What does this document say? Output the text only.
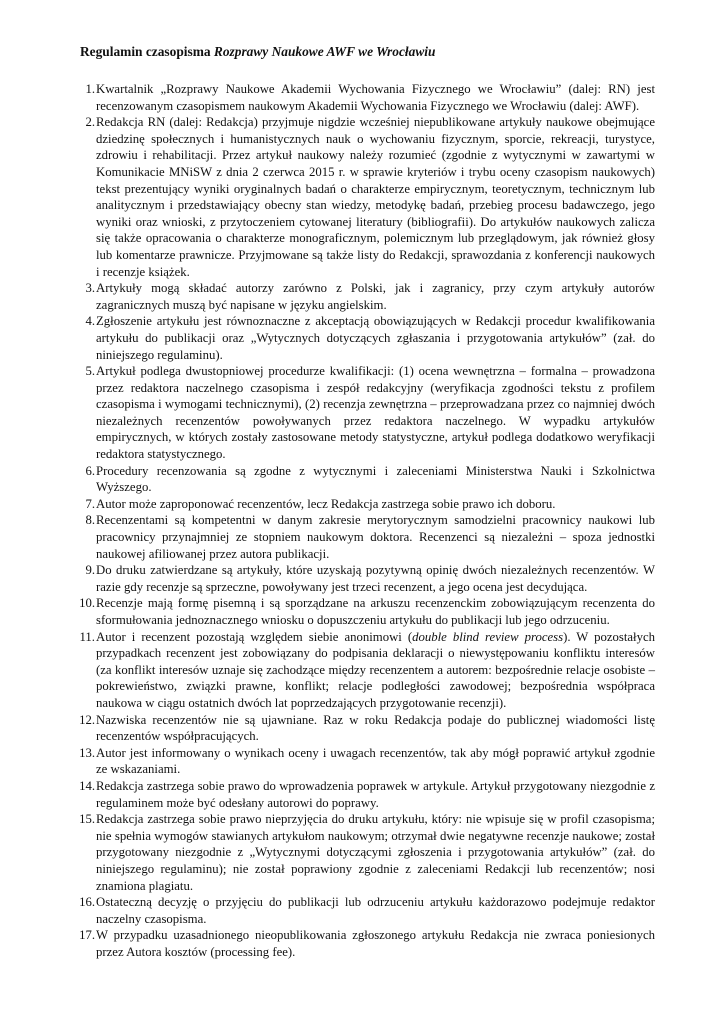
Regulamin czasopisma Rozprawy Naukowe AWF we Wrocławiu
1. Kwartalnik „Rozprawy Naukowe Akademii Wychowania Fizycznego we Wrocławiu” (dalej: RN) jest recenzowanym czasopismem naukowym Akademii Wychowania Fizycznego we Wrocławiu (dalej: AWF).
2. Redakcja RN (dalej: Redakcja) przyjmuje nigdzie wcześniej niepublikowane artykuły naukowe obejmujące dziedzinę społecznych i humanistycznych nauk o wychowaniu fizycznym, sporcie, rekreacji, turystyce, zdrowiu i rehabilitacji. Przez artykuł naukowy należy rozumieć (zgodnie z wytycznymi w zawartymi w Komunikacie MNiSW z dnia 2 czerwca 2015 r. w sprawie kryteriów i trybu oceny czasopism naukowych) tekst prezentujący wyniki oryginalnych badań o charakterze empirycznym, teoretycznym, technicznym lub analitycznym i przedstawiający obecny stan wiedzy, metodykę badań, przebieg procesu badawczego, jego wyniki oraz wnioski, z przytoczeniem cytowanej literatury (bibliografii). Do artykułów naukowych zalicza się także opracowania o charakterze monograficznym, polemicznym lub przeglądowym, jak również głosy lub komentarze prawnicze. Przyjmowane są także listy do Redakcji, sprawozdania z konferencji naukowych i recenzje książek.
3. Artykuły mogą składać autorzy zarówno z Polski, jak i zagranicy, przy czym artykuły autorów zagranicznych muszą być napisane w języku angielskim.
4. Zgłoszenie artykułu jest równoznaczne z akceptacją obowiązujących w Redakcji procedur kwalifikowania artykułu do publikacji oraz „Wytycznych dotyczących zgłaszania i przygotowania artykułów” (zał. do niniejszego regulaminu).
5. Artykuł podlega dwustopniowej procedurze kwalifikacji: (1) ocena wewnętrzna – formalna – prowadzona przez redaktora naczelnego czasopisma i zespół redakcyjny (weryfikacja zgodności tekstu z profilem czasopisma i wymogami technicznymi), (2) recenzja zewnętrzna – przeprowadzana przez co najmniej dwóch niezależnych recenzentów powoływanych przez redaktora naczelnego. W wypadku artykułów empirycznych, w których zostały zastosowane metody statystyczne, artykuł podlega dodatkowo weryfikacji redaktora statystycznego.
6. Procedury recenzowania są zgodne z wytycznymi i zaleceniami Ministerstwa Nauki i Szkolnictwa Wyższego.
7. Autor może zaproponować recenzentów, lecz Redakcja zastrzega sobie prawo ich doboru.
8. Recenzentami są kompetentni w danym zakresie merytorycznym samodzielni pracownicy naukowi lub pracownicy przynajmniej ze stopniem naukowym doktora. Recenzenci są niezależni – spoza jednostki naukowej afiliowanej przez autora publikacji.
9. Do druku zatwierdzane są artykuły, które uzyskają pozytywną opinię dwóch niezależnych recenzentów. W razie gdy recenzje są sprzeczne, powoływany jest trzeci recenzent, a jego ocena jest decydująca.
10. Recenzje mają formę pisemną i są sporządzane na arkuszu recenzenckim zobowiązującym recenzenta do sformułowania jednoznacznego wniosku o dopuszczeniu artykułu do publikacji lub jego odrzuceniu.
11. Autor i recenzent pozostają względem siebie anonimowi (double blind review process). W pozostałych przypadkach recenzent jest zobowiązany do podpisania deklaracji o niewystępowaniu konfliktu interesów (za konflikt interesów uznaje się zachodzące między recenzentem a autorem: bezpośrednie relacje osobiste – pokrewieństwo, związki prawne, konflikt; relacje podległości zawodowej; bezpośrednia współpraca naukowa w ciągu ostatnich dwóch lat poprzedzających przygotowanie recenzji).
12. Nazwiska recenzentów nie są ujawniane. Raz w roku Redakcja podaje do publicznej wiadomości listę recenzentów współpracujących.
13. Autor jest informowany o wynikach oceny i uwagach recenzentów, tak aby mógł poprawić artykuł zgodnie ze wskazaniami.
14. Redakcja zastrzega sobie prawo do wprowadzenia poprawek w artykule. Artykuł przygotowany niezgodnie z regulaminem może być odesłany autorowi do poprawy.
15. Redakcja zastrzega sobie prawo nieprzyjęcia do druku artykułu, który: nie wpisuje się w profil czasopisma; nie spełnia wymogów stawianych artykułom naukowym; otrzymał dwie negatywne recenzje naukowe; został przygotowany niezgodnie z „Wytycznymi dotyczącymi zgłoszenia i przygotowania artykułów” (zał. do niniejszego regulaminu); nie został poprawiony zgodnie z zaleceniami Redakcji lub recenzentów; nosi znamiona plagiatu.
16. Ostateczną decyzję o przyjęciu do publikacji lub odrzuceniu artykułu każdorazowo podejmuje redaktor naczelny czasopisma.
17. W przypadku uzasadnionego nieopublikowania zgłoszonego artykułu Redakcja nie zwraca poniesionych przez Autora kosztów (processing fee).
